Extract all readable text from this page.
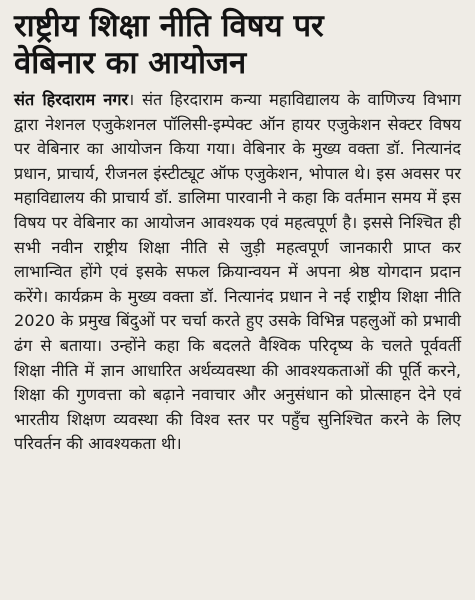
राष्ट्रीय शिक्षा नीति विषय पर
वेबिनार का आयोजन

संत हिरदाराम नगर। संत हिरदाराम कन्या महाविद्यालय के वाणिज्य विभाग द्वारा नेशनल एजुकेशनल पॉलिसी-इम्पेक्ट ऑन हायर एजुकेशन सेक्टर विषय पर वेबिनार का आयोजन किया गया। वेबिनार के मुख्य वक्ता डॉ. नित्यानंद प्रधान, प्राचार्य, रीजनल इंस्टीट्यूट ऑफ एजुकेशन, भोपाल थे। इस अवसर पर महाविद्यालय की प्राचार्य डॉ. डालिमा पारवानी ने कहा कि वर्तमान समय में इस विषय पर वेबिनार का आयोजन आवश्यक एवं महत्वपूर्ण है। इससे निश्चित ही सभी नवीन राष्ट्रीय शिक्षा नीति से जुड़ी महत्वपूर्ण जानकारी प्राप्त कर लाभान्वित होंगे एवं इसके सफल क्रियान्वयन में अपना श्रेष्ठ योगदान प्रदान करेंगे। कार्यक्रम के मुख्य वक्ता डॉ. नित्यानंद प्रधान ने नई राष्ट्रीय शिक्षा नीति 2020 के प्रमुख बिंदुओं पर चर्चा करते हुए उसके विभिन्न पहलुओं को प्रभावी ढंग से बताया। उन्होंने कहा कि बदलते वैश्विक परिदृष्य के चलते पूर्ववर्ती शिक्षा नीति में ज्ञान आधारित अर्थव्यवस्था की आवश्यकताओं की पूर्ति करने, शिक्षा की गुणवत्ता को बढ़ाने नवाचार और अनुसंधान को प्रोत्साहन देने एवं भारतीय शिक्षण व्यवस्था की विश्व स्तर पर पहुँच सुनिश्चित करने के लिए परिवर्तन की आवश्यकता थी।
